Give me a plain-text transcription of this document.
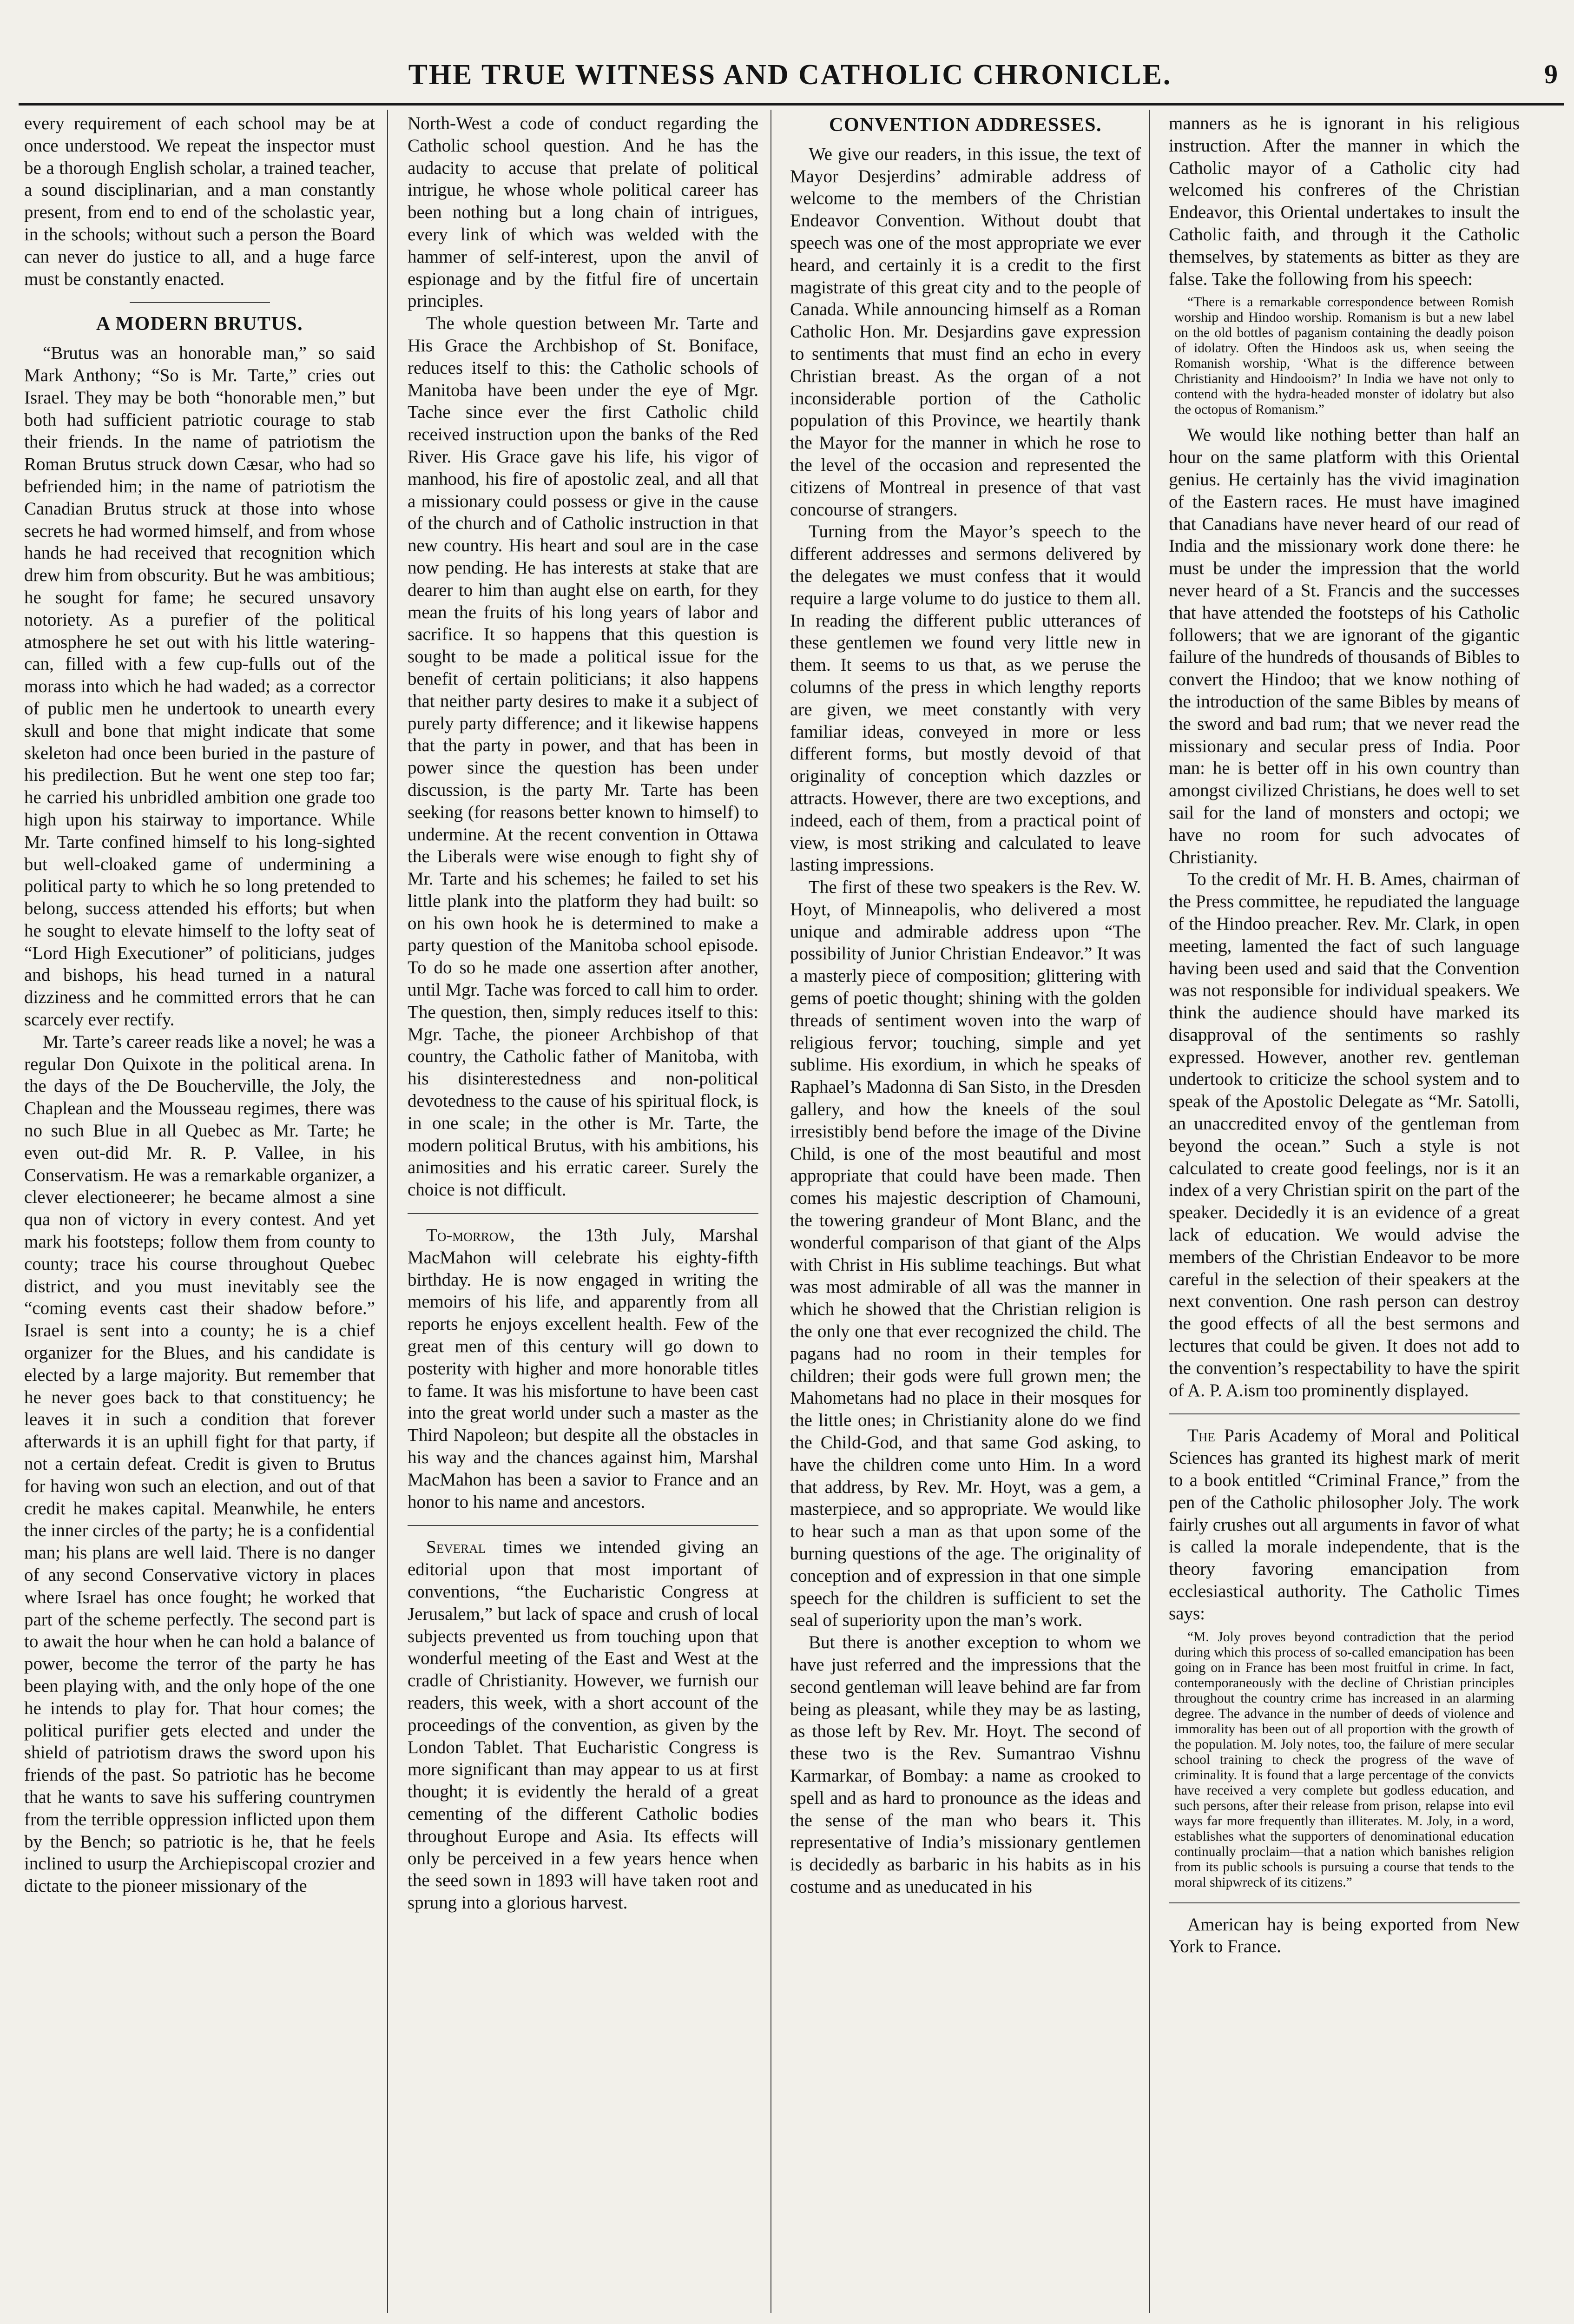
THE TRUE WITNESS AND CATHOLIC CHRONICLE.	9

every requirement of each school may be at once understood. We repeat the inspector must be a thorough English scholar, a trained teacher, a sound disciplinarian, and a man constantly present, from end to end of the scholastic year, in the schools; without such a person the Board can never do justice to all, and a huge farce must be constantly enacted.

A MODERN BRUTUS.

“Brutus was an honorable man,” so said Mark Anthony; “So is Mr. Tarte,” cries out Israel. They may be both “honorable men,” but both had sufficient patriotic courage to stab their friends. In the name of patriotism the Roman Brutus struck down Cæsar, who had so befriended him; in the name of patriotism the Canadian Brutus struck at those into whose secrets he had wormed himself, and from whose hands he had received that recognition which drew him from obscurity. But he was ambitious; he sought for fame; he secured unsavory notoriety. As a purefier of the political atmosphere he set out with his little watering-can, filled with a few cup-fulls out of the morass into which he had waded; as a corrector of public men he undertook to unearth every skull and bone that might indicate that some skeleton had once been buried in the pasture of his predilection. But he went one step too far; he carried his unbridled ambition one grade too high upon his stairway to importance. While Mr. Tarte confined himself to his long-sighted but well-cloaked game of undermining a political party to which he so long pretended to belong, success attended his efforts; but when he sought to elevate himself to the lofty seat of “Lord High Executioner” of politicians, judges and bishops, his head turned in a natural dizziness and he committed errors that he can scarcely ever rectify.

Mr. Tarte’s career reads like a novel; he was a regular Don Quixote in the political arena. In the days of the De Boucherville, the Joly, the Chaplean and the Mousseau regimes, there was no such Blue in all Quebec as Mr. Tarte; he even out-did Mr. R. P. Vallee, in his Conservatism. He was a remarkable organizer, a clever electioneerer; he became almost a sine qua non of victory in every contest. And yet mark his footsteps; follow them from county to county; trace his course throughout Quebec district, and you must inevitably see the “coming events cast their shadow before.” Israel is sent into a county; he is a chief organizer for the Blues, and his candidate is elected by a large majority. But remember that he never goes back to that constituency; he leaves it in such a condition that forever afterwards it is an uphill fight for that party, if not a certain defeat. Credit is given to Brutus for having won such an election, and out of that credit he makes capital. Meanwhile, he enters the inner circles of the party; he is a confidential man; his plans are well laid. There is no danger of any second Conservative victory in places where Israel has once fought; he worked that part of the scheme perfectly. The second part is to await the hour when he can hold a balance of power, become the terror of the party he has been playing with, and the only hope of the one he intends to play for. That hour comes; the political purifier gets elected and under the shield of patriotism draws the sword upon his friends of the past. So patriotic has he become that he wants to save his suffering countrymen from the terrible oppression inflicted upon them by the Bench; so patriotic is he, that he feels inclined to usurp the Archiepiscopal crozier and dictate to the pioneer missionary of the

North-West a code of conduct regarding the Catholic school question. And he has the audacity to accuse that prelate of political intrigue, he whose whole political career has been nothing but a long chain of intrigues, every link of which was welded with the hammer of self-interest, upon the anvil of espionage and by the fitful fire of uncertain principles.

The whole question between Mr. Tarte and His Grace the Archbishop of St. Boniface, reduces itself to this: the Catholic schools of Manitoba have been under the eye of Mgr. Tache since ever the first Catholic child received instruction upon the banks of the Red River. His Grace gave his life, his vigor of manhood, his fire of apostolic zeal, and all that a missionary could possess or give in the cause of the church and of Catholic instruction in that new country. His heart and soul are in the case now pending. He has interests at stake that are dearer to him than aught else on earth, for they mean the fruits of his long years of labor and sacrifice. It so happens that this question is sought to be made a political issue for the benefit of certain politicians; it also happens that neither party desires to make it a subject of purely party difference; and it likewise happens that the party in power, and that has been in power since the question has been under discussion, is the party Mr. Tarte has been seeking (for reasons better known to himself) to undermine. At the recent convention in Ottawa the Liberals were wise enough to fight shy of Mr. Tarte and his schemes; he failed to set his little plank into the platform they had built: so on his own hook he is determined to make a party question of the Manitoba school episode. To do so he made one assertion after another, until Mgr. Tache was forced to call him to order. The question, then, simply reduces itself to this: Mgr. Tache, the pioneer Archbishop of that country, the Catholic father of Manitoba, with his disinterestedness and non-political devotedness to the cause of his spiritual flock, is in one scale; in the other is Mr. Tarte, the modern political Brutus, with his ambitions, his animosities and his erratic career. Surely the choice is not difficult.

To-morrow, the 13th July, Marshal MacMahon will celebrate his eighty-fifth birthday. He is now engaged in writing the memoirs of his life, and apparently from all reports he enjoys excellent health. Few of the great men of this century will go down to posterity with higher and more honorable titles to fame. It was his misfortune to have been cast into the great world under such a master as the Third Napoleon; but despite all the obstacles in his way and the chances against him, Marshal MacMahon has been a savior to France and an honor to his name and ancestors.

Several times we intended giving an editorial upon that most important of conventions, “the Eucharistic Congress at Jerusalem,” but lack of space and crush of local subjects prevented us from touching upon that wonderful meeting of the East and West at the cradle of Christianity. However, we furnish our readers, this week, with a short account of the proceedings of the convention, as given by the London Tablet. That Eucharistic Congress is more significant than may appear to us at first thought; it is evidently the herald of a great cementing of the different Catholic bodies throughout Europe and Asia. Its effects will only be perceived in a few years hence when the seed sown in 1893 will have taken root and sprung into a glorious harvest.

CONVENTION ADDRESSES.

We give our readers, in this issue, the text of Mayor Desjerdins’ admirable address of welcome to the members of the Christian Endeavor Convention. Without doubt that speech was one of the most appropriate we ever heard, and certainly it is a credit to the first magistrate of this great city and to the people of Canada. While announcing himself as a Roman Catholic Hon. Mr. Desjardins gave expression to sentiments that must find an echo in every Christian breast. As the organ of a not inconsiderable portion of the Catholic population of this Province, we heartily thank the Mayor for the manner in which he rose to the level of the occasion and represented the citizens of Montreal in presence of that vast concourse of strangers.

Turning from the Mayor’s speech to the different addresses and sermons delivered by the delegates we must confess that it would require a large volume to do justice to them all. In reading the different public utterances of these gentlemen we found very little new in them. It seems to us that, as we peruse the columns of the press in which lengthy reports are given, we meet constantly with very familiar ideas, conveyed in more or less different forms, but mostly devoid of that originality of conception which dazzles or attracts. However, there are two exceptions, and indeed, each of them, from a practical point of view, is most striking and calculated to leave lasting impressions.

The first of these two speakers is the Rev. W. Hoyt, of Minneapolis, who delivered a most unique and admirable address upon “The possibility of Junior Christian Endeavor.” It was a masterly piece of composition; glittering with gems of poetic thought; shining with the golden threads of sentiment woven into the warp of religious fervor; touching, simple and yet sublime. His exordium, in which he speaks of Raphael’s Madonna di San Sisto, in the Dresden gallery, and how the kneels of the soul irresistibly bend before the image of the Divine Child, is one of the most beautiful and most appropriate that could have been made. Then comes his majestic description of Chamouni, the towering grandeur of Mont Blanc, and the wonderful comparison of that giant of the Alps with Christ in His sublime teachings. But what was most admirable of all was the manner in which he showed that the Christian religion is the only one that ever recognized the child. The pagans had no room in their temples for children; their gods were full grown men; the Mahometans had no place in their mosques for the little ones; in Christianity alone do we find the Child-God, and that same God asking, to have the children come unto Him. In a word that address, by Rev. Mr. Hoyt, was a gem, a masterpiece, and so appropriate. We would like to hear such a man as that upon some of the burning questions of the age. The originality of conception and of expression in that one simple speech for the children is sufficient to set the seal of superiority upon the man’s work.

But there is another exception to whom we have just referred and the impressions that the second gentleman will leave behind are far from being as pleasant, while they may be as lasting, as those left by Rev. Mr. Hoyt. The second of these two is the Rev. Sumantrao Vishnu Karmarkar, of Bombay: a name as crooked to spell and as hard to pronounce as the ideas and the sense of the man who bears it. This representative of India’s missionary gentlemen is decidedly as barbaric in his habits as in his costume and as uneducated in his

manners as he is ignorant in his religious instruction. After the manner in which the Catholic mayor of a Catholic city had welcomed his confreres of the Christian Endeavor, this Oriental undertakes to insult the Catholic faith, and through it the Catholic themselves, by statements as bitter as they are false. Take the following from his speech:

“There is a remarkable correspondence between Romish worship and Hindoo worship. Romanism is but a new label on the old bottles of paganism containing the deadly poison of idolatry. Often the Hindoos ask us, when seeing the Romanish worship, ‘What is the difference between Christianity and Hindooism?’ In India we have not only to contend with the hydra-headed monster of idolatry but also the octopus of Romanism.”

We would like nothing better than half an hour on the same platform with this Oriental genius. He certainly has the vivid imagination of the Eastern races. He must have imagined that Canadians have never heard of our read of India and the missionary work done there: he must be under the impression that the world never heard of a St. Francis and the successes that have attended the footsteps of his Catholic followers; that we are ignorant of the gigantic failure of the hundreds of thousands of Bibles to convert the Hindoo; that we know nothing of the introduction of the same Bibles by means of the sword and bad rum; that we never read the missionary and secular press of India. Poor man: he is better off in his own country than amongst civilized Christians, he does well to set sail for the land of monsters and octopi; we have no room for such advocates of Christianity.

To the credit of Mr. H. B. Ames, chairman of the Press committee, he repudiated the language of the Hindoo preacher. Rev. Mr. Clark, in open meeting, lamented the fact of such language having been used and said that the Convention was not responsible for individual speakers. We think the audience should have marked its disapproval of the sentiments so rashly expressed. However, another rev. gentleman undertook to criticize the school system and to speak of the Apostolic Delegate as “Mr. Satolli, an unaccredited envoy of the gentleman from beyond the ocean.” Such a style is not calculated to create good feelings, nor is it an index of a very Christian spirit on the part of the speaker. Decidedly it is an evidence of a great lack of education. We would advise the members of the Christian Endeavor to be more careful in the selection of their speakers at the next convention. One rash person can destroy the good effects of all the best sermons and lectures that could be given. It does not add to the convention’s respectability to have the spirit of A. P. A.ism too prominently displayed.

The Paris Academy of Moral and Political Sciences has granted its highest mark of merit to a book entitled “Criminal France,” from the pen of the Catholic philosopher Joly. The work fairly crushes out all arguments in favor of what is called la morale independente, that is the theory favoring emancipation from ecclesiastical authority. The Catholic Times says:

“M. Joly proves beyond contradiction that the period during which this process of so-called emancipation has been going on in France has been most fruitful in crime. In fact, contemporaneously with the decline of Christian principles throughout the country crime has increased in an alarming degree. The advance in the number of deeds of violence and immorality has been out of all proportion with the growth of the population. M. Joly notes, too, the failure of mere secular school training to check the progress of the wave of criminality. It is found that a large percentage of the convicts have received a very complete but godless education, and such persons, after their release from prison, relapse into evil ways far more frequently than illiterates. M. Joly, in a word, establishes what the supporters of denominational education continually proclaim—that a nation which banishes religion from its public schools is pursuing a course that tends to the moral shipwreck of its citizens.”

American hay is being exported from New York to France.
